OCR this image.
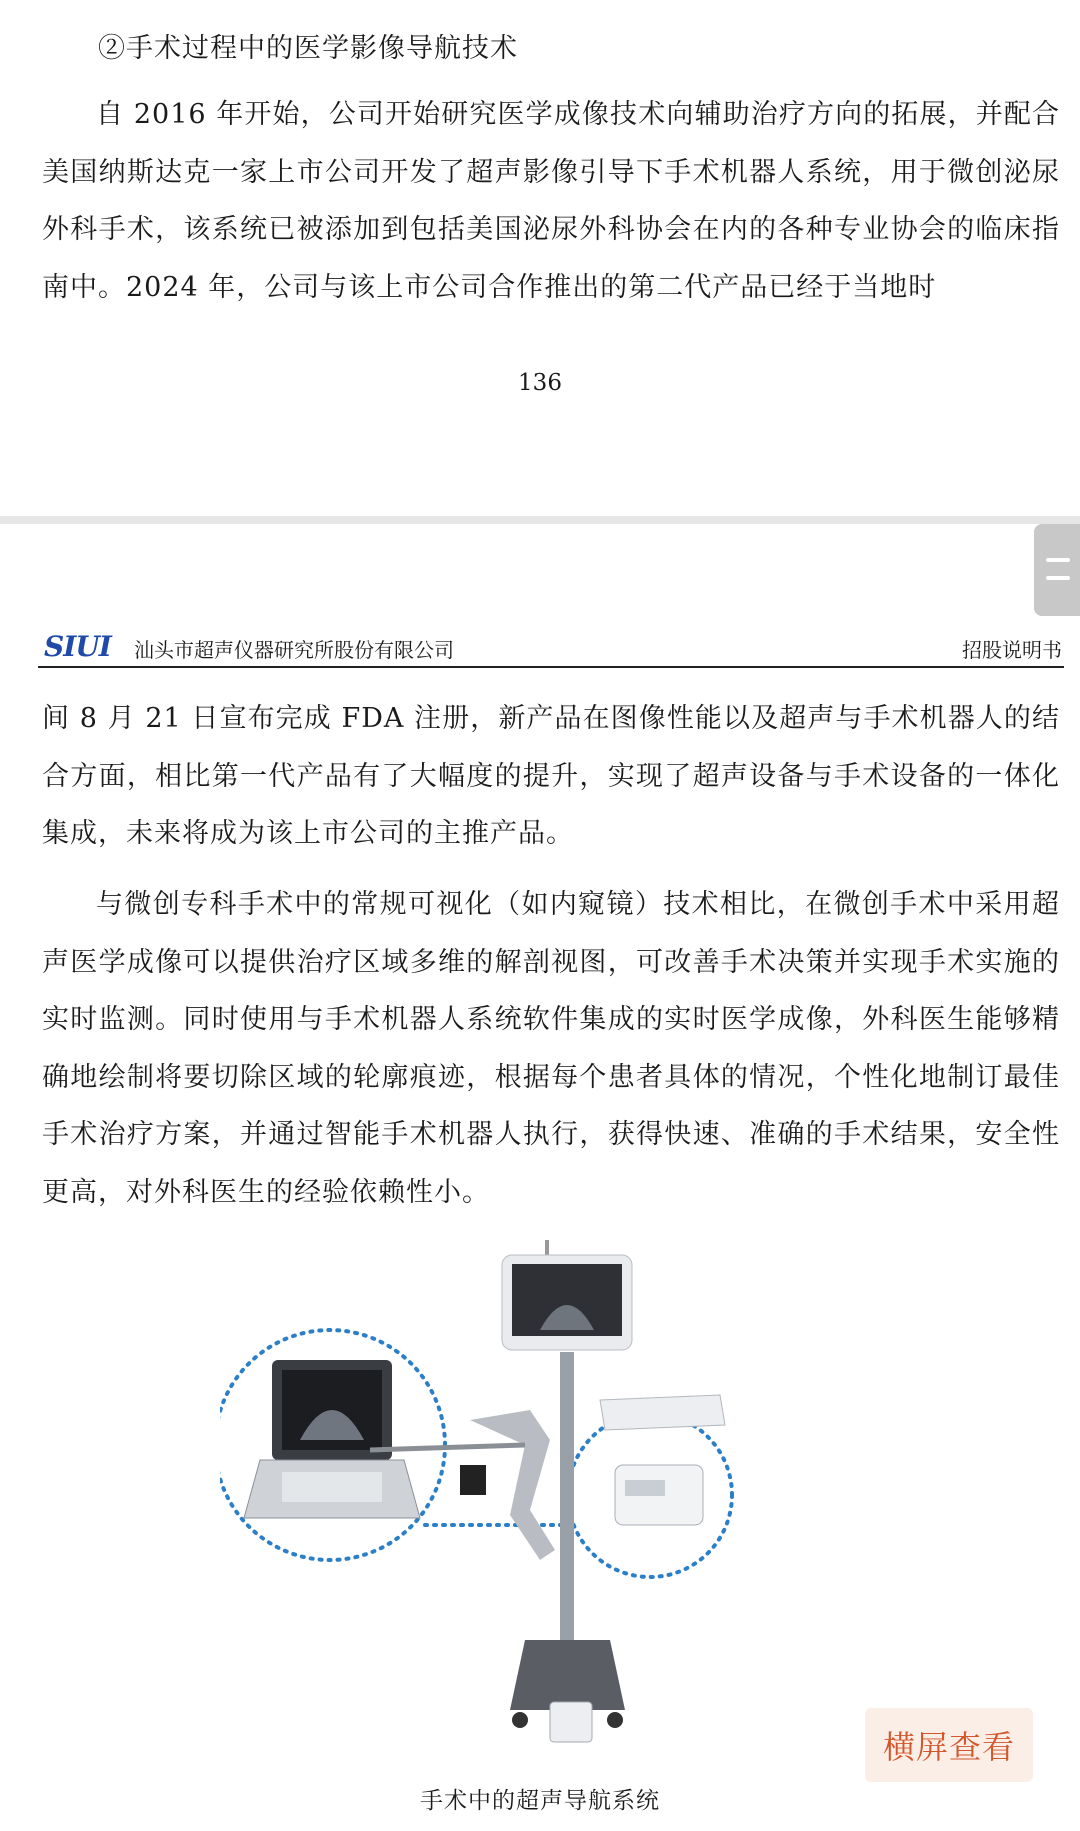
②手术过程中的医学影像导航技术
自 2016 年开始，公司开始研究医学成像技术向辅助治疗方向的拓展，并配合美国纳斯达克一家上市公司开发了超声影像引导下手术机器人系统，用于微创泌尿外科手术，该系统已被添加到包括美国泌尿外科协会在内的各种专业协会的临床指南中。2024 年，公司与该上市公司合作推出的第二代产品已经于当地时
136
SIUI 汕头市超声仪器研究所股份有限公司	招股说明书
间 8 月 21 日宣布完成 FDA 注册，新产品在图像性能以及超声与手术机器人的结合方面，相比第一代产品有了大幅度的提升，实现了超声设备与手术设备的一体化集成，未来将成为该上市公司的主推产品。
与微创专科手术中的常规可视化（如内窥镜）技术相比，在微创手术中采用超声医学成像可以提供治疗区域多维的解剖视图，可改善手术决策并实现手术实施的实时监测。同时使用与手术机器人系统软件集成的实时医学成像，外科医生能够精确地绘制将要切除区域的轮廓痕迹，根据每个患者具体的情况，个性化地制订最佳手术治疗方案，并通过智能手术机器人执行，获得快速、准确的手术结果，安全性更高，对外科医生的经验依赖性小。
手术中的超声导航系统
横屏查看
